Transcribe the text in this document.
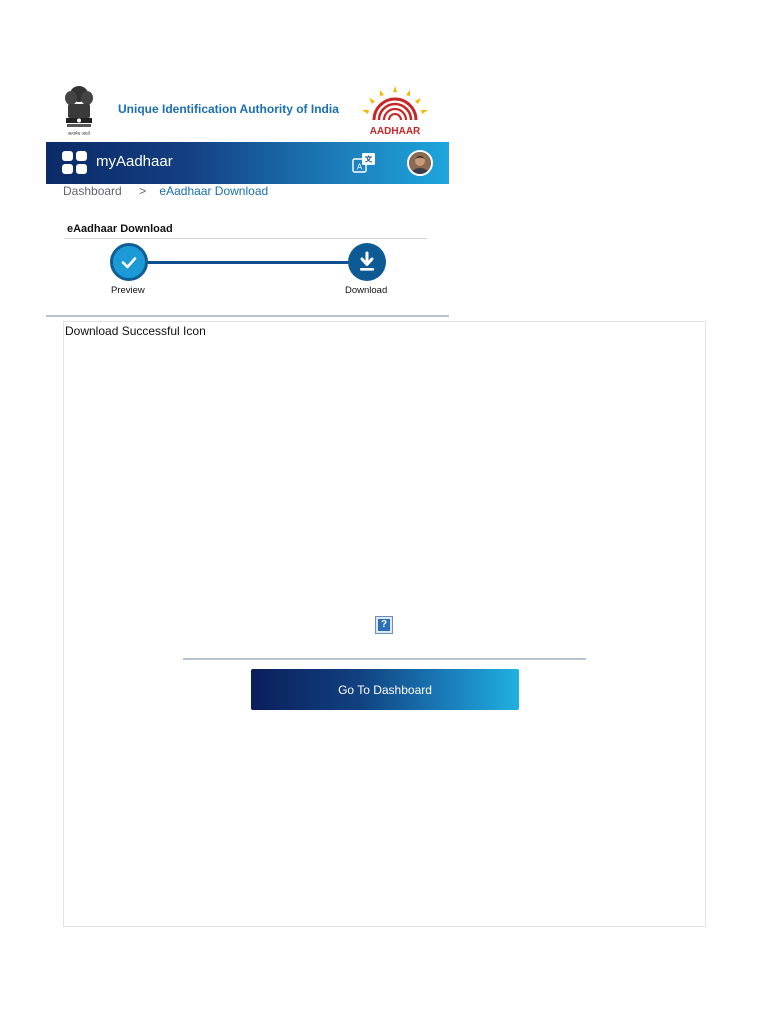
सत्यमेव जयते
Unique Identification Authority of India
AADHAAR
myAadhaar	A
Dashboard > eAadhaar Download
eAadhaar Download
Preview	Download
Download Successful Icon
?
Go To Dashboard
